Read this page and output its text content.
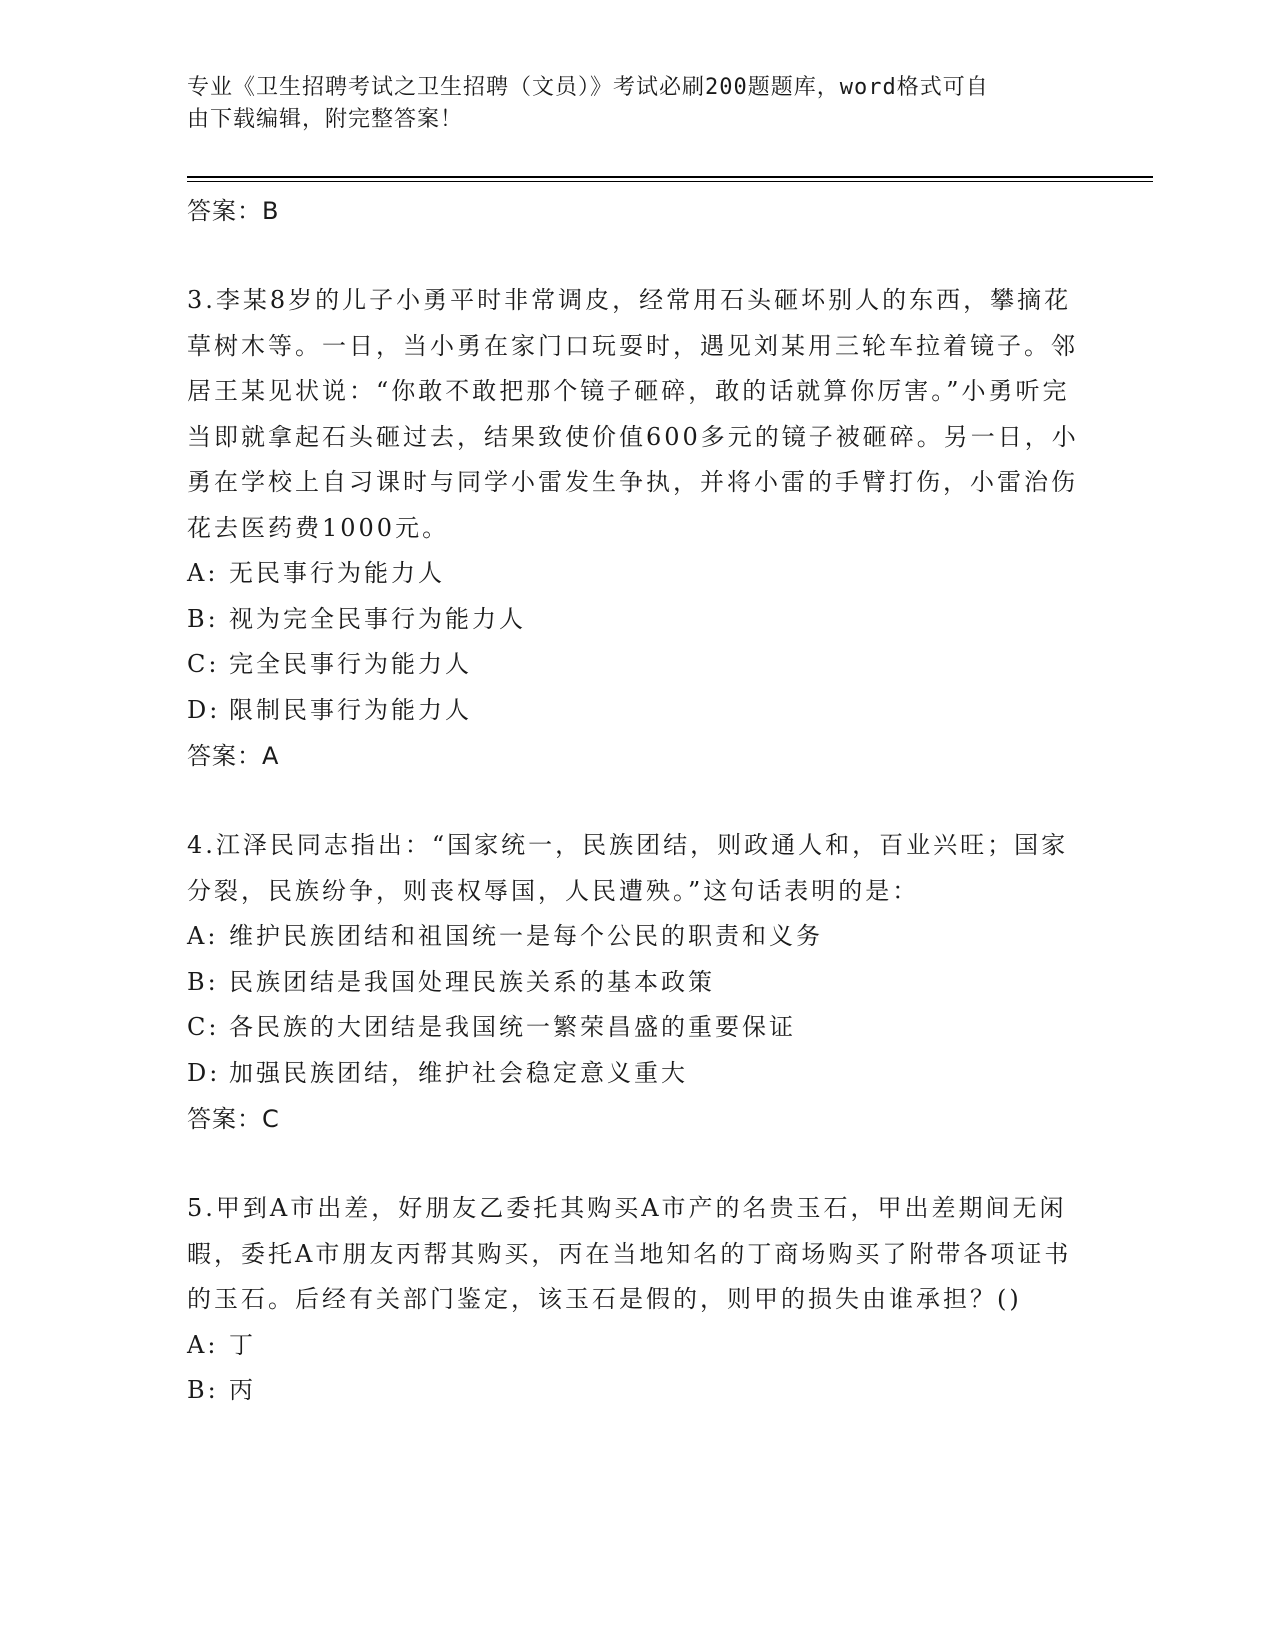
专业《卫生招聘考试之卫生招聘（文员）》考试必刷200题题库，word格式可自
由下载编辑，附完整答案！
答案：B
3.李某8岁的儿子小勇平时非常调皮，经常用石头砸坏别人的东西，攀摘花草树木等。一日，当小勇在家门口玩耍时，遇见刘某用三轮车拉着镜子。邻居王某见状说：“你敢不敢把那个镜子砸碎，敢的话就算你厉害。”小勇听完当即就拿起石头砸过去，结果致使价值600多元的镜子被砸碎。另一日，小勇在学校上自习课时与同学小雷发生争执，并将小雷的手臂打伤，小雷治伤花去医药费1000元。
A: 无民事行为能力人
B: 视为完全民事行为能力人
C: 完全民事行为能力人
D: 限制民事行为能力人
答案：A
4.江泽民同志指出：“国家统一，民族团结，则政通人和，百业兴旺；国家分裂，民族纷争，则丧权辱国，人民遭殃。”这句话表明的是：
A: 维护民族团结和祖国统一是每个公民的职责和义务
B: 民族团结是我国处理民族关系的基本政策
C: 各民族的大团结是我国统一繁荣昌盛的重要保证
D: 加强民族团结，维护社会稳定意义重大
答案：C
5.甲到A市出差，好朋友乙委托其购买A市产的名贵玉石，甲出差期间无闲暇，委托A市朋友丙帮其购买，丙在当地知名的丁商场购买了附带各项证书的玉石。后经有关部门鉴定，该玉石是假的，则甲的损失由谁承担？()
A: 丁
B: 丙
